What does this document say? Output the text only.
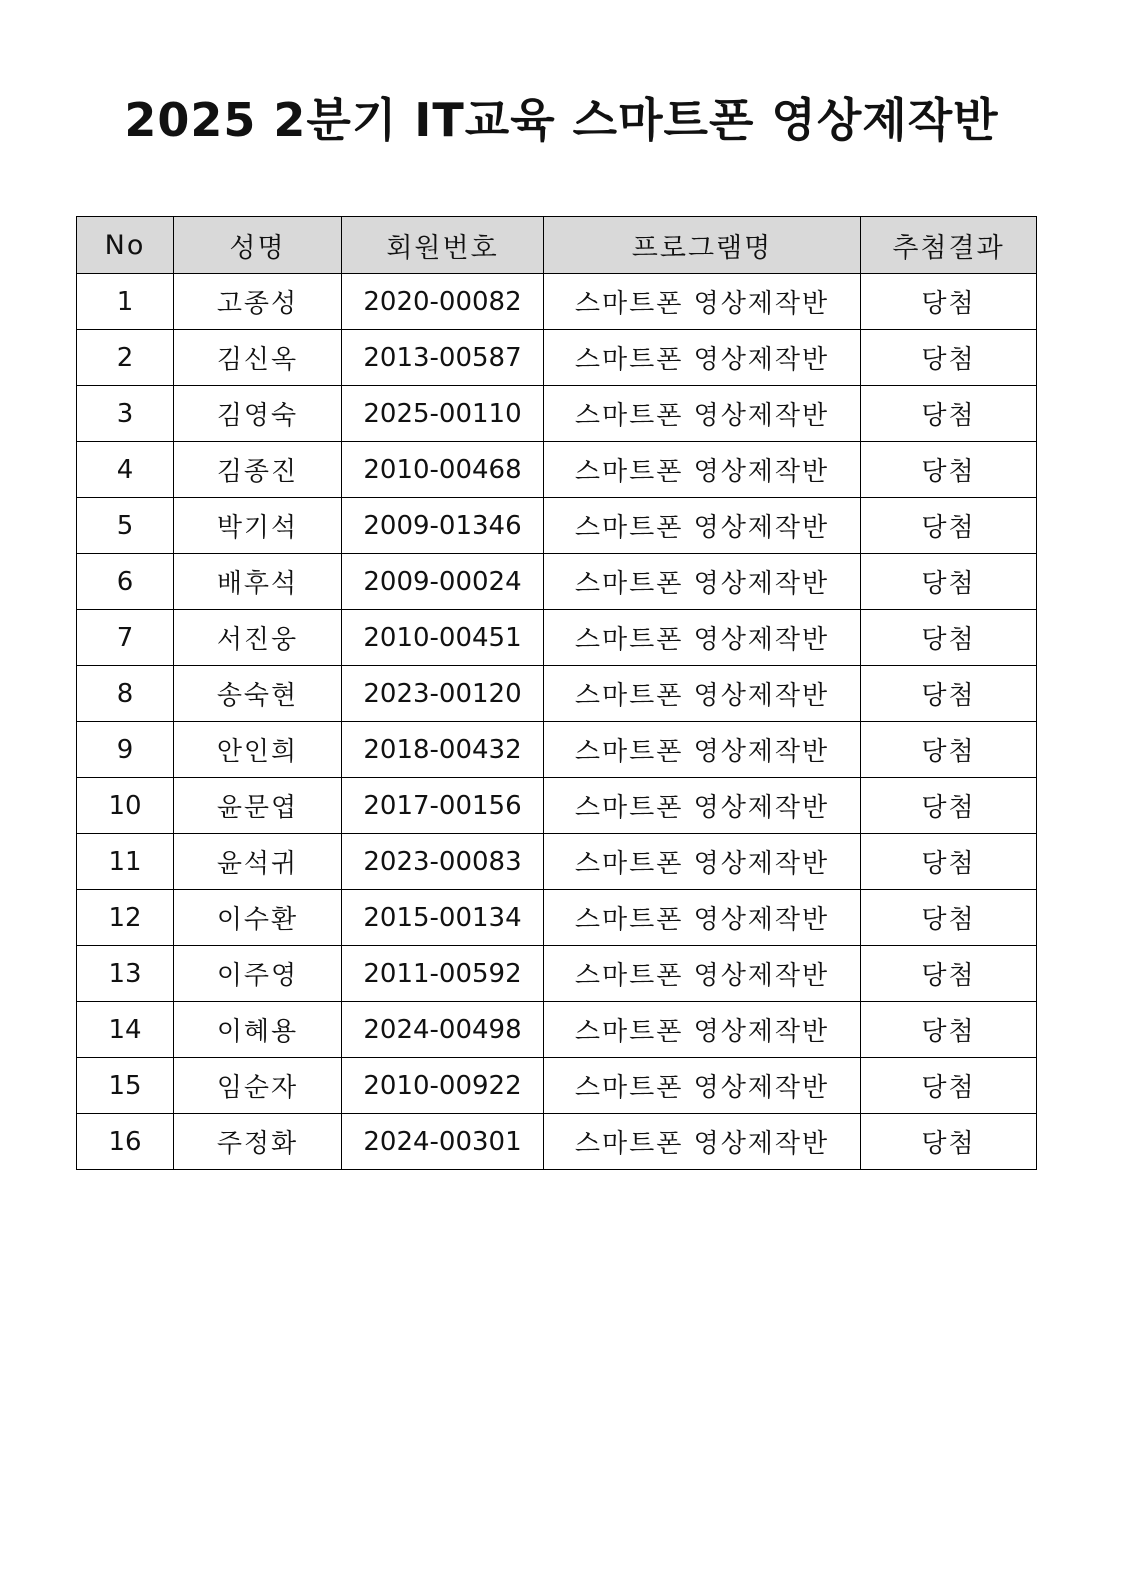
2025 2분기 IT교육 스마트폰 영상제작반
No	성명	회원번호	프로그램명	추첨결과
1	고종성	2020-00082	스마트폰 영상제작반	당첨
2	김신옥	2013-00587	스마트폰 영상제작반	당첨
3	김영숙	2025-00110	스마트폰 영상제작반	당첨
4	김종진	2010-00468	스마트폰 영상제작반	당첨
5	박기석	2009-01346	스마트폰 영상제작반	당첨
6	배후석	2009-00024	스마트폰 영상제작반	당첨
7	서진웅	2010-00451	스마트폰 영상제작반	당첨
8	송숙현	2023-00120	스마트폰 영상제작반	당첨
9	안인희	2018-00432	스마트폰 영상제작반	당첨
10	윤문엽	2017-00156	스마트폰 영상제작반	당첨
11	윤석귀	2023-00083	스마트폰 영상제작반	당첨
12	이수환	2015-00134	스마트폰 영상제작반	당첨
13	이주영	2011-00592	스마트폰 영상제작반	당첨
14	이혜용	2024-00498	스마트폰 영상제작반	당첨
15	임순자	2010-00922	스마트폰 영상제작반	당첨
16	주정화	2024-00301	스마트폰 영상제작반	당첨
